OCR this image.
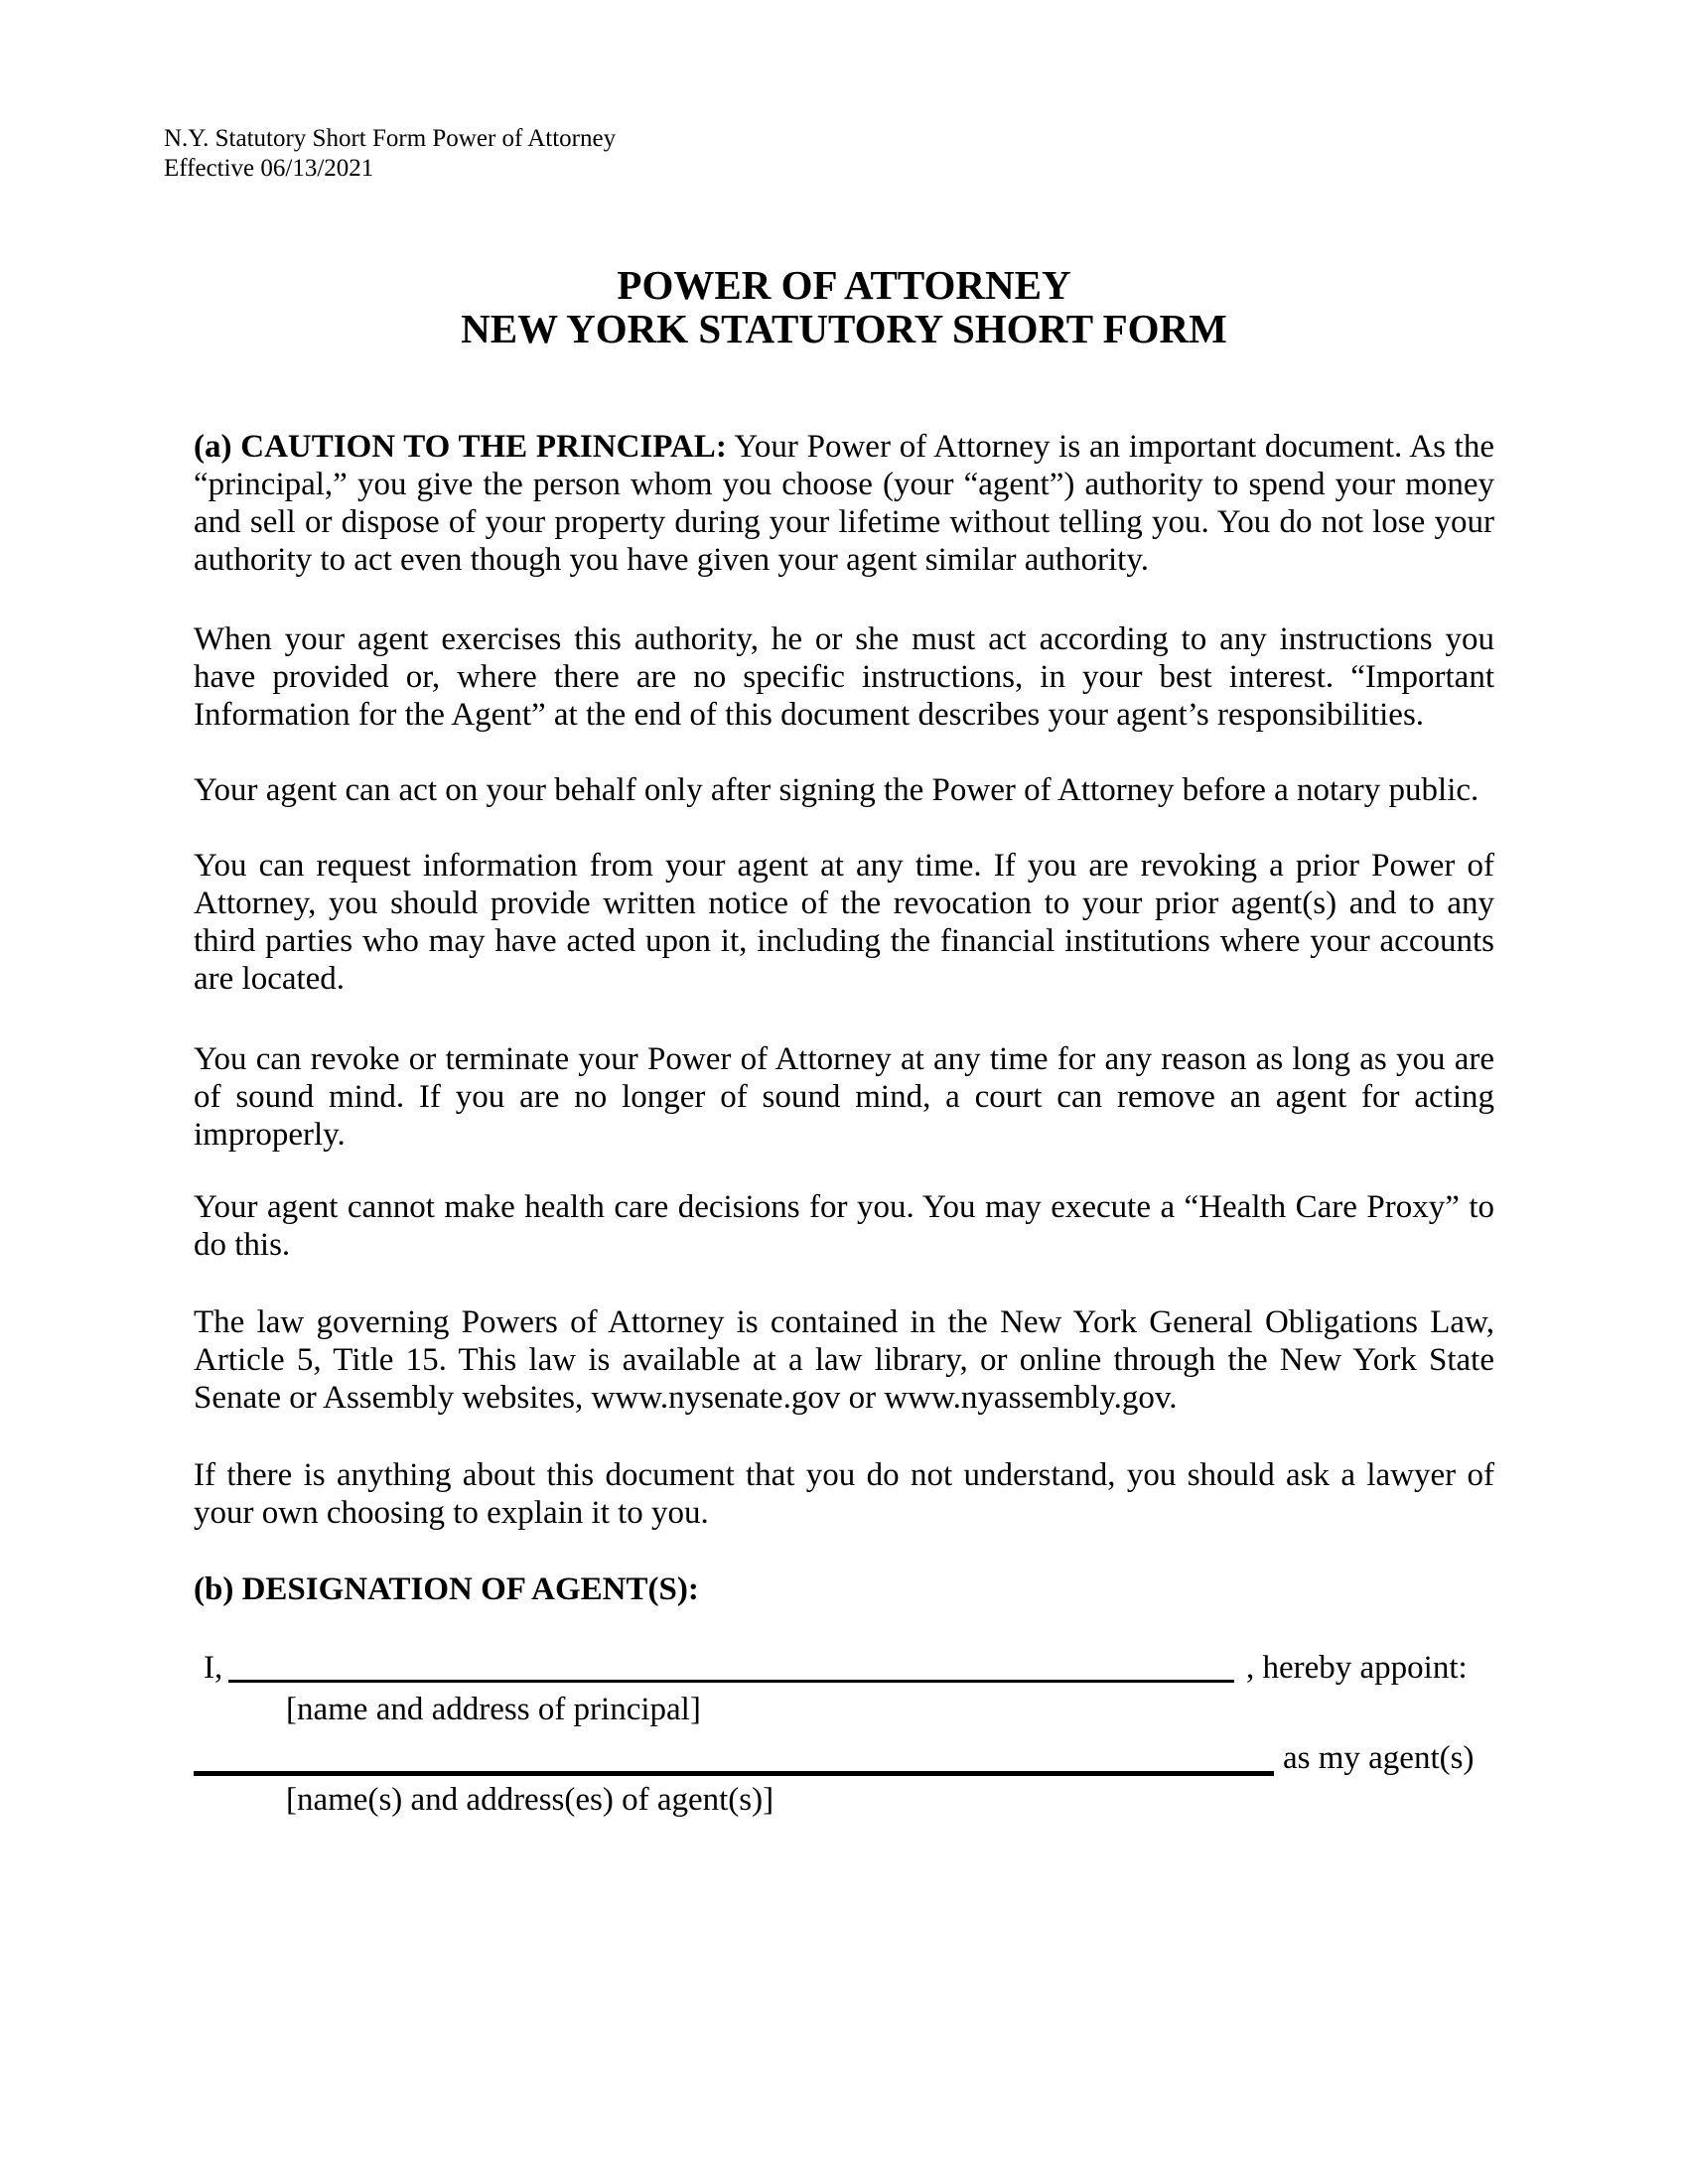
N.Y. Statutory Short Form Power of Attorney
Effective 06/13/2021
POWER OF ATTORNEY
NEW YORK STATUTORY SHORT FORM

(a) CAUTION TO THE PRINCIPAL: Your Power of Attorney is an important document. As the “principal,” you give the person whom you choose (your “agent”) authority to spend your money and sell or dispose of your property during your lifetime without telling you. You do not lose your authority to act even though you have given your agent similar authority.

When your agent exercises this authority, he or she must act according to any instructions you have provided or, where there are no specific instructions, in your best interest. “Important Information for the Agent” at the end of this document describes your agent’s responsibilities.

Your agent can act on your behalf only after signing the Power of Attorney before a notary public.

You can request information from your agent at any time. If you are revoking a prior Power of Attorney, you should provide written notice of the revocation to your prior agent(s) and to any third parties who may have acted upon it, including the financial institutions where your accounts are located.

You can revoke or terminate your Power of Attorney at any time for any reason as long as you are of sound mind. If you are no longer of sound mind, a court can remove an agent for acting improperly.

Your agent cannot make health care decisions for you. You may execute a “Health Care Proxy” to do this.

The law governing Powers of Attorney is contained in the New York General Obligations Law, Article 5, Title 15. This law is available at a law library, or online through the New York State Senate or Assembly websites, www.nysenate.gov or www.nyassembly.gov.

If there is anything about this document that you do not understand, you should ask a lawyer of your own choosing to explain it to you.

(b) DESIGNATION OF AGENT(S):

I,	, hereby appoint:
[name and address of principal]
as my agent(s)
[name(s) and address(es) of agent(s)]
